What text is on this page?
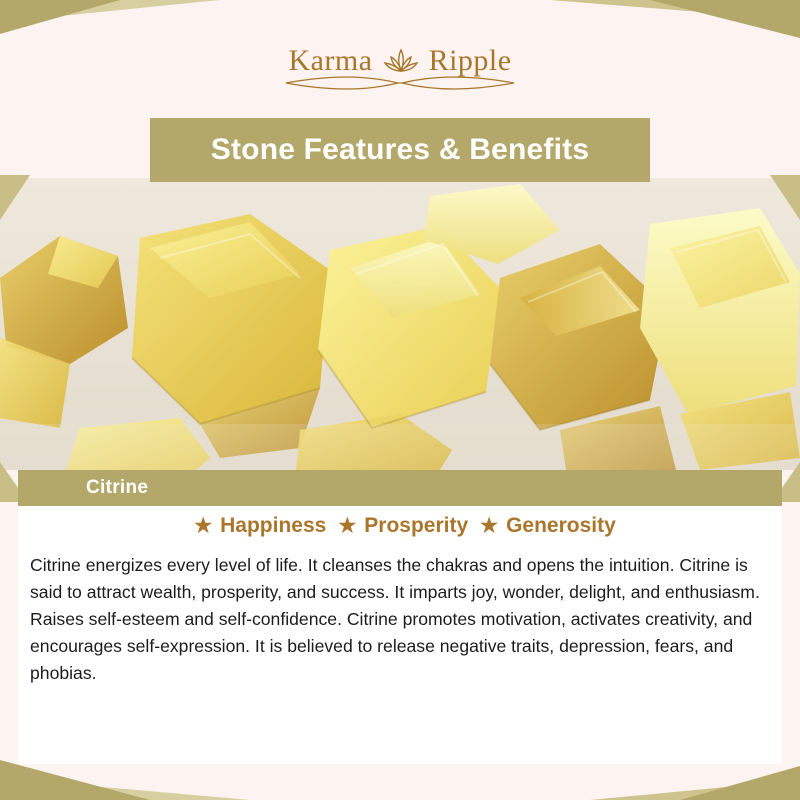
Karma Ripple
Stone Features & Benefits
Citrine
★ Happiness ★ Prosperity ★ Generosity

Citrine energizes every level of life. It cleanses the chakras and opens the intuition. Citrine is said to attract wealth, prosperity, and success. It imparts joy, wonder, delight, and enthusiasm. Raises self-esteem and self-confidence. Citrine promotes motivation, activates creativity, and encourages self-expression. It is believed to release negative traits, depression, fears, and phobias.
